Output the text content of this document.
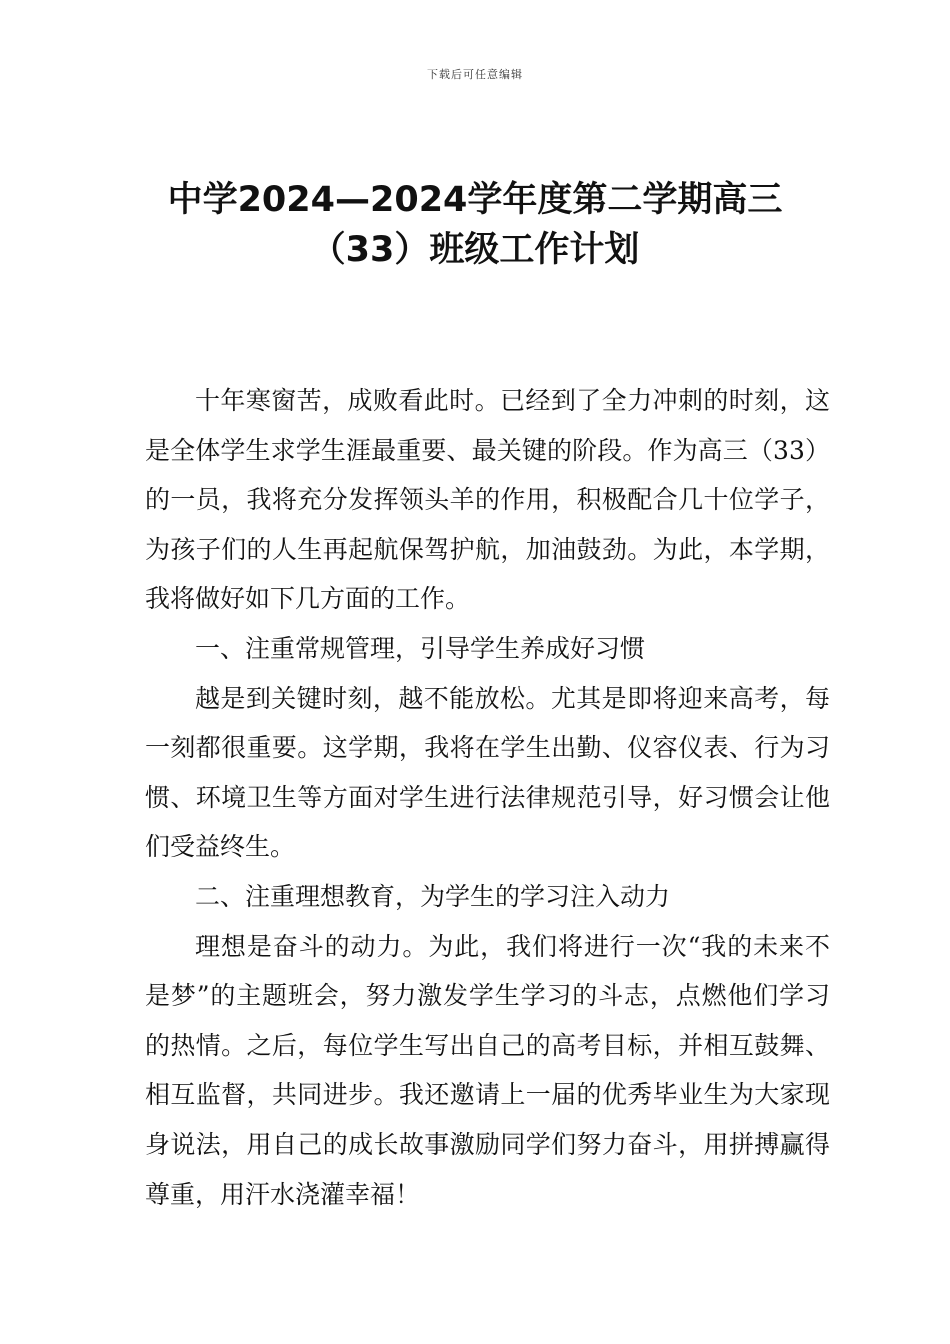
下载后可任意编辑
中学2024—2024学年度第二学期高三
（33）班级工作计划

十年寒窗苦，成败看此时。已经到了全力冲刺的时刻，这是全体学生求学生涯最重要、最关键的阶段。作为高三（33）的一员，我将充分发挥领头羊的作用，积极配合几十位学子，为孩子们的人生再起航保驾护航，加油鼓劲。为此，本学期，我将做好如下几方面的工作。

一、注重常规管理，引导学生养成好习惯

越是到关键时刻，越不能放松。尤其是即将迎来高考，每一刻都很重要。这学期，我将在学生出勤、仪容仪表、行为习惯、环境卫生等方面对学生进行法律规范引导，好习惯会让他们受益终生。

二、注重理想教育，为学生的学习注入动力

理想是奋斗的动力。为此，我们将进行一次“我的未来不是梦”的主题班会，努力激发学生学习的斗志，点燃他们学习的热情。之后，每位学生写出自己的高考目标，并相互鼓舞、相互监督，共同进步。我还邀请上一届的优秀毕业生为大家现身说法，用自己的成长故事激励同学们努力奋斗，用拼搏赢得尊重，用汗水浇灌幸福！
